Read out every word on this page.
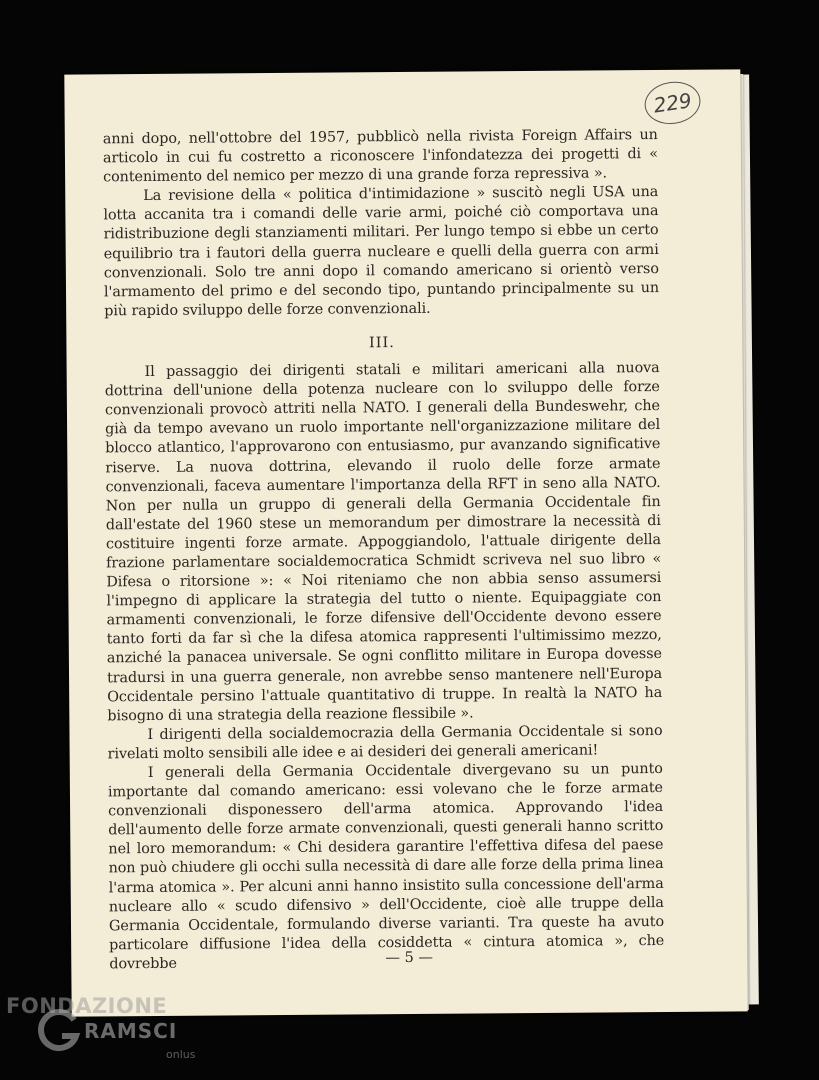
229

anni dopo, nell'ottobre del 1957, pubblicò nella rivista Foreign Affairs un articolo in cui fu costretto a riconoscere l'infondatezza dei progetti di « contenimento del nemico per mezzo di una grande forza repressiva ».

La revisione della « politica d'intimidazione » suscitò negli USA una lotta accanita tra i comandi delle varie armi, poiché ciò comportava una ridistribuzione degli stanziamenti militari. Per lungo tempo si ebbe un certo equilibrio tra i fautori della guerra nucleare e quelli della guerra con armi convenzionali. Solo tre anni dopo il comando americano si orientò verso l'armamento del primo e del secondo tipo, puntando principalmente su un più rapido sviluppo delle forze convenzionali.

III.

Il passaggio dei dirigenti statali e militari americani alla nuova dottrina dell'unione della potenza nucleare con lo sviluppo delle forze convenzionali provocò attriti nella NATO. I generali della Bundeswehr, che già da tempo avevano un ruolo importante nell'organizzazione militare del blocco atlantico, l'approvarono con entusiasmo, pur avanzando significative riserve. La nuova dottrina, elevando il ruolo delle forze armate convenzionali, faceva aumentare l'importanza della RFT in seno alla NATO. Non per nulla un gruppo di generali della Germania Occidentale fin dall'estate del 1960 stese un memorandum per dimostrare la necessità di costituire ingenti forze armate. Appoggiandolo, l'attuale dirigente della frazione parlamentare socialdemocratica Schmidt scriveva nel suo libro « Difesa o ritorsione »: « Noi riteniamo che non abbia senso assumersi l'impegno di applicare la strategia del tutto o niente. Equipaggiate con armamenti convenzionali, le forze difensive dell'Occidente devono essere tanto forti da far sì che la difesa atomica rappresenti l'ultimissimo mezzo, anziché la panacea universale. Se ogni conflitto militare in Europa dovesse tradursi in una guerra generale, non avrebbe senso mantenere nell'Europa Occidentale persino l'attuale quantitativo di truppe. In realtà la NATO ha bisogno di una strategia della reazione flessibile ».

I dirigenti della socialdemocrazia della Germania Occidentale si sono rivelati molto sensibili alle idee e ai desideri dei generali americani!

I generali della Germania Occidentale divergevano su un punto importante dal comando americano: essi volevano che le forze armate convenzionali disponessero dell'arma atomica. Approvando l'idea dell'aumento delle forze armate convenzionali, questi generali hanno scritto nel loro memorandum: « Chi desidera garantire l'effettiva difesa del paese non può chiudere gli occhi sulla necessità di dare alle forze della prima linea l'arma atomica ». Per alcuni anni hanno insistito sulla concessione dell'arma nucleare allo « scudo difensivo » dell'Occidente, cioè alle truppe della Germania Occidentale, formulando diverse varianti. Tra queste ha avuto particolare diffusione l'idea della cosiddetta « cintura atomica », che dovrebbe	— 5 —
FONDAZIONE
RAMSCI
onlus
